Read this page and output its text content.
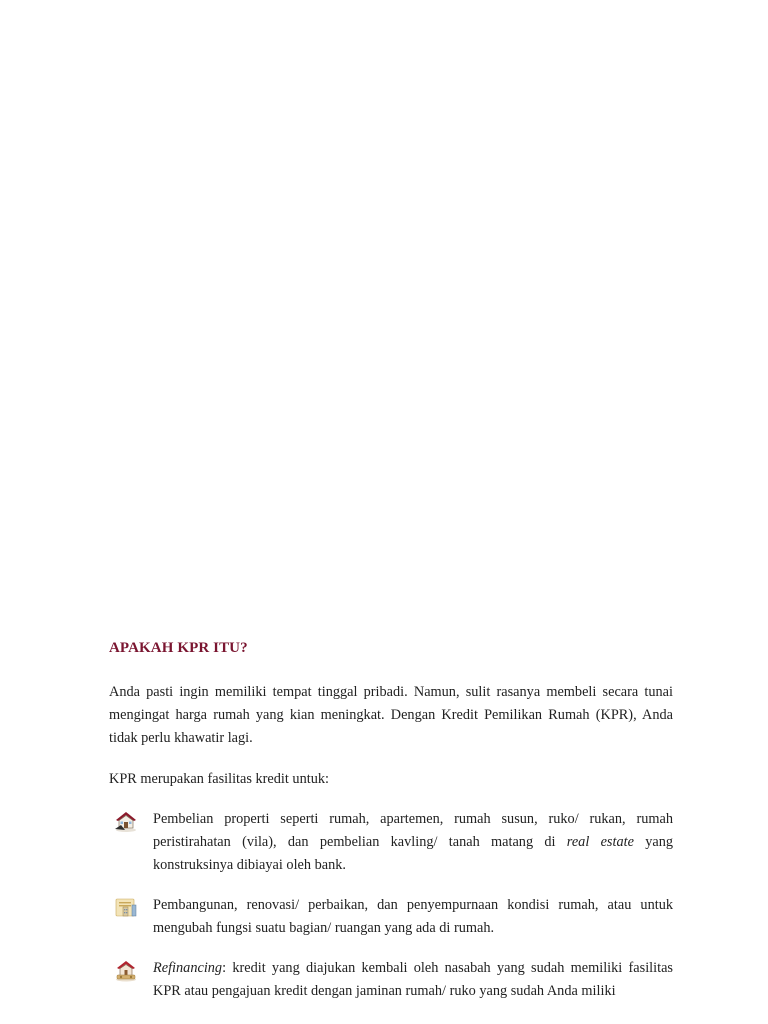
APAKAH KPR ITU?

Anda pasti ingin memiliki tempat tinggal pribadi. Namun, sulit rasanya membeli secara tunai mengingat harga rumah yang kian meningkat. Dengan Kredit Pemilikan Rumah (KPR), Anda tidak perlu khawatir lagi.

KPR merupakan fasilitas kredit untuk:

Pembelian properti seperti rumah, apartemen, rumah susun, ruko/ rukan, rumah peristirahatan (vila), dan pembelian kavling/ tanah matang di real estate yang konstruksinya dibiayai oleh bank.
Pembangunan, renovasi/ perbaikan, dan penyempurnaan kondisi rumah, atau untuk mengubah fungsi suatu bagian/ ruangan yang ada di rumah.
Refinancing: kredit yang diajukan kembali oleh nasabah yang sudah memiliki fasilitas KPR atau pengajuan kredit dengan jaminan rumah/ ruko yang sudah Anda miliki
